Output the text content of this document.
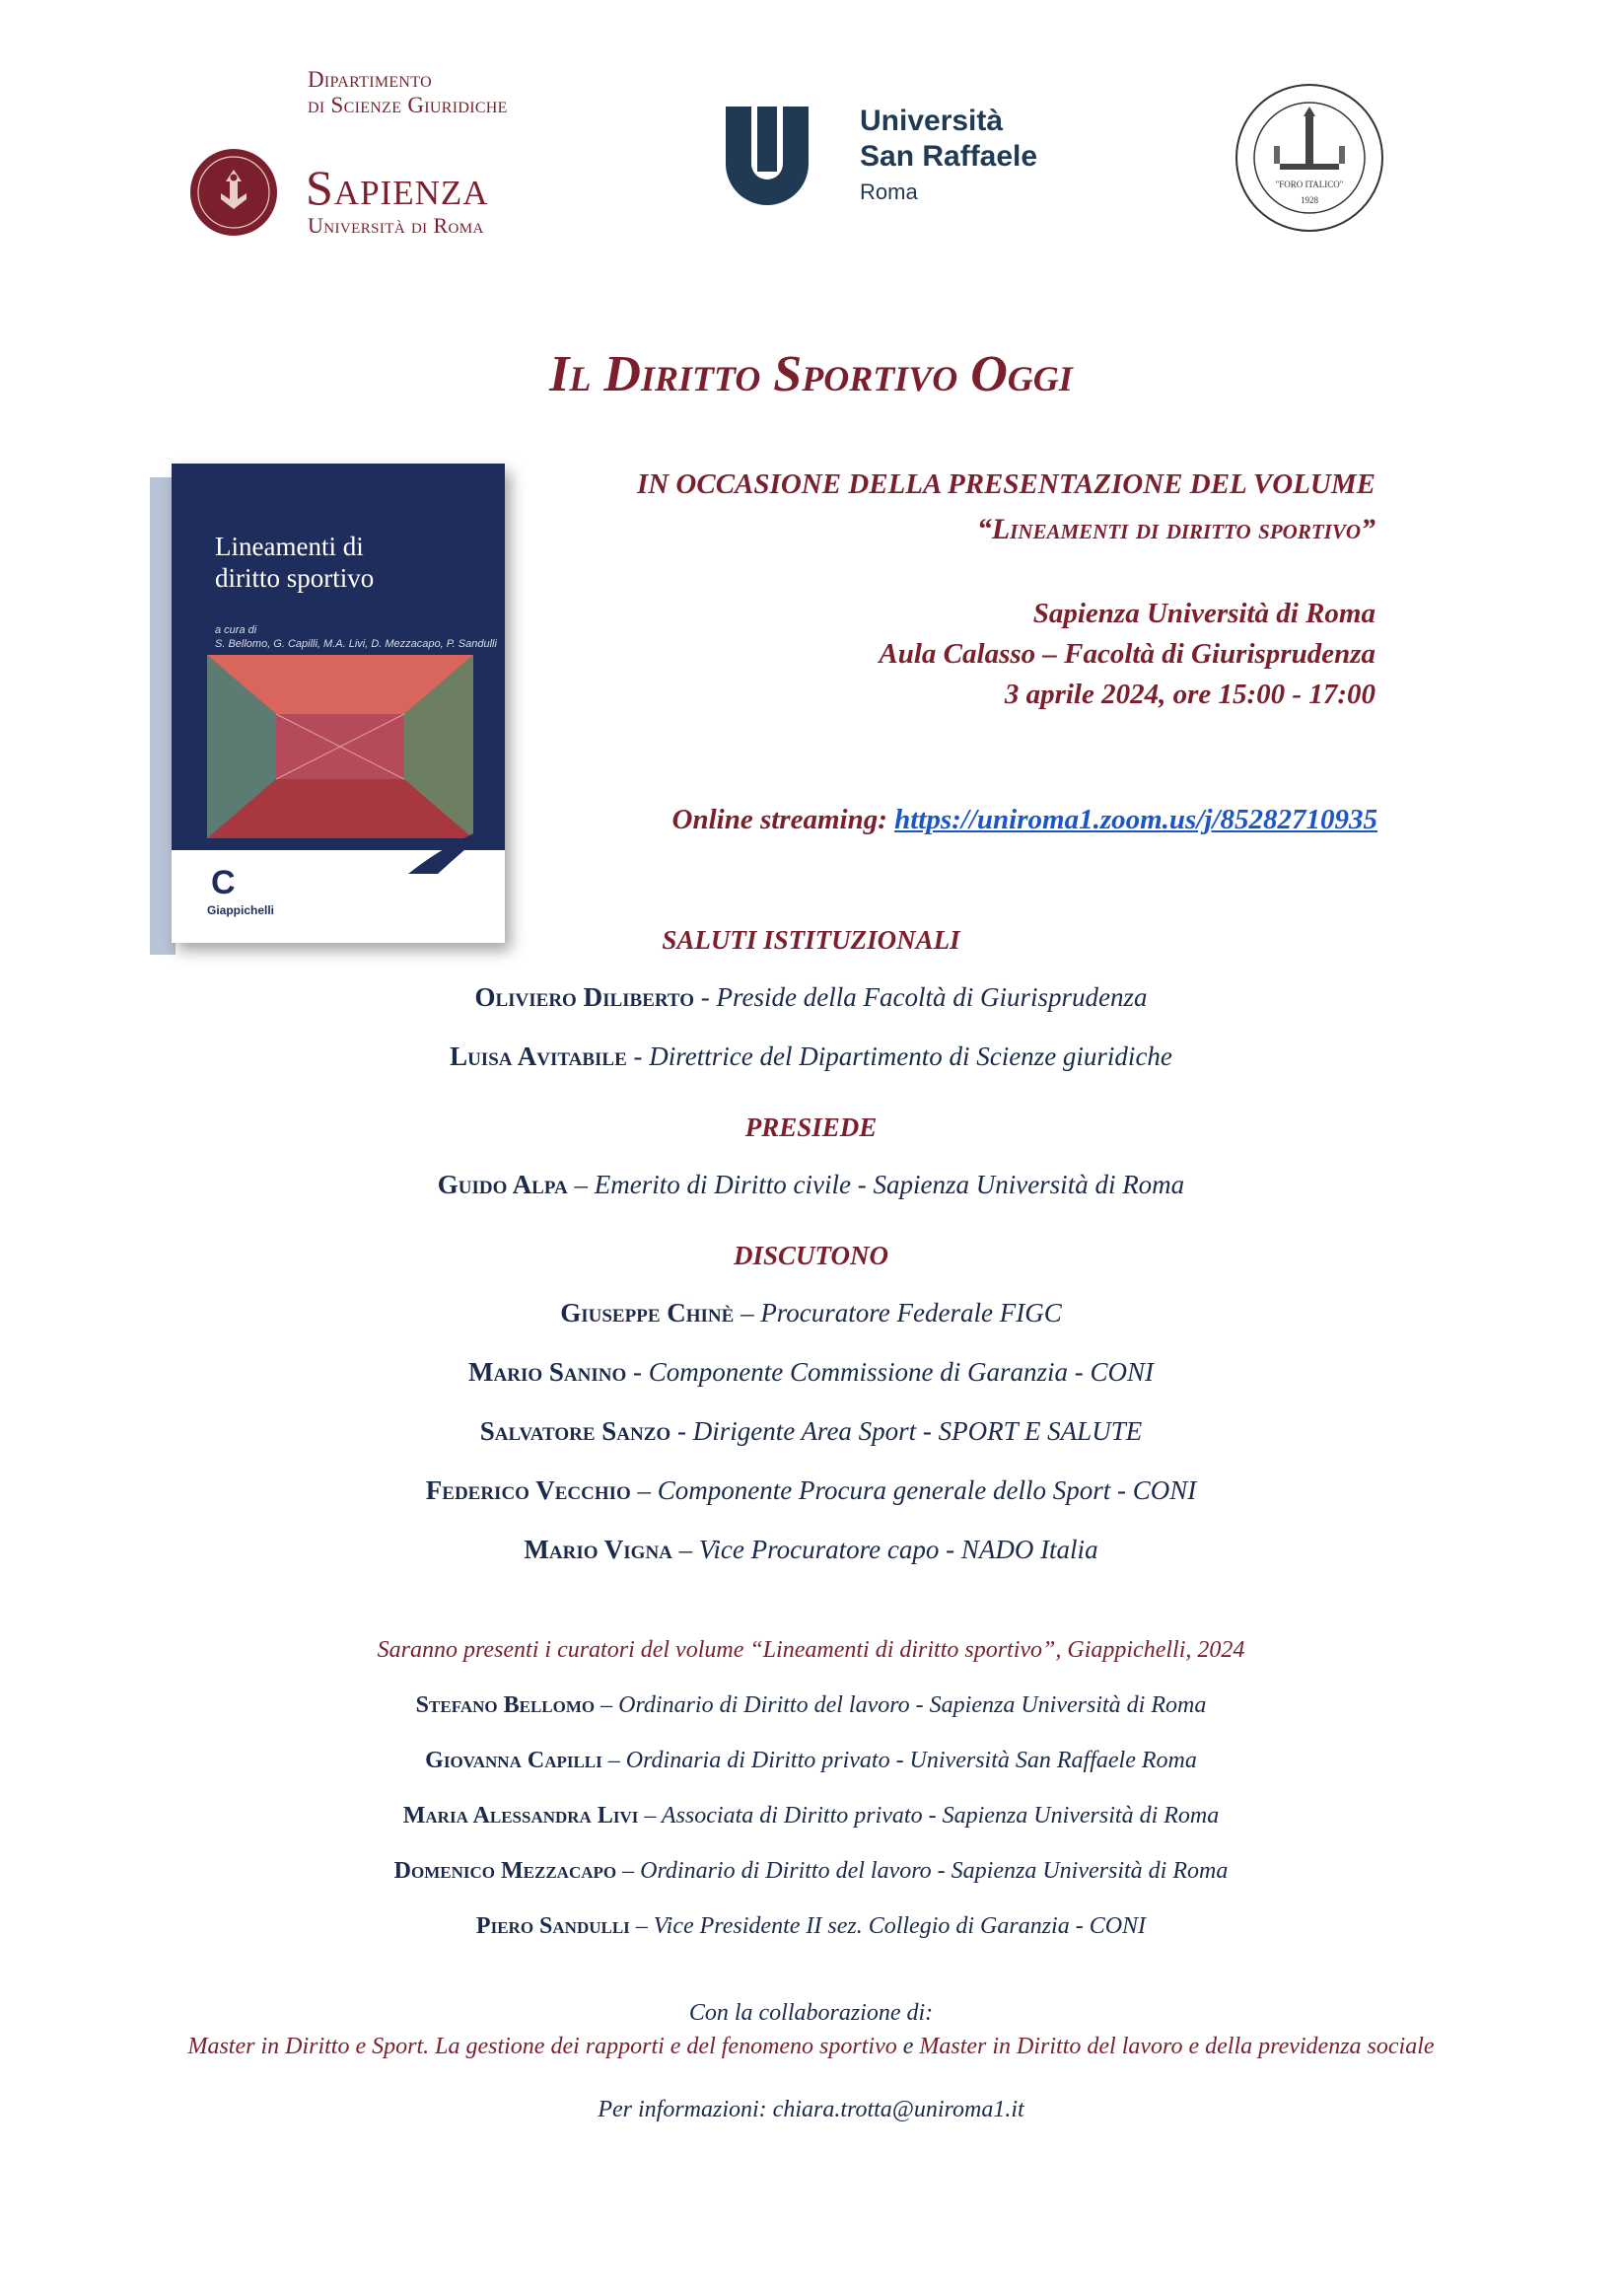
Dipartimento
di Scienze Giuridiche
Sapienza
Università di Roma
Università
San Raffaele
Roma	"FORO ITALICO"
1928
Il Diritto Sportivo Oggi
Lineamenti di
diritto sportivo
a cura di
S. Bellomo, G. Capilli, M.A. Livi, D. Mezzacapo, P. Sandulli
C
Giappichelli
IN OCCASIONE DELLA PRESENTAZIONE DEL VOLUME
“Lineamenti di diritto sportivo”
Sapienza Università di Roma
Aula Calasso – Facoltà di Giurisprudenza
3 aprile 2024, ore 15:00 - 17:00
Online streaming: https://uniroma1.zoom.us/j/85282710935
SALUTI ISTITUZIONALI
Oliviero Diliberto - Preside della Facoltà di Giurisprudenza
Luisa Avitabile - Direttrice del Dipartimento di Scienze giuridiche
PRESIEDE
Guido Alpa – Emerito di Diritto civile - Sapienza Università di Roma
DISCUTONO
Giuseppe Chinè – Procuratore Federale FIGC
Mario Sanino - Componente Commissione di Garanzia - CONI
Salvatore Sanzo - Dirigente Area Sport - SPORT E SALUTE
Federico Vecchio – Componente Procura generale dello Sport - CONI
Mario Vigna – Vice Procuratore capo - NADO Italia
Saranno presenti i curatori del volume “Lineamenti di diritto sportivo”, Giappichelli, 2024
Stefano Bellomo – Ordinario di Diritto del lavoro - Sapienza Università di Roma
Giovanna Capilli – Ordinaria di Diritto privato - Università San Raffaele Roma
Maria Alessandra Livi – Associata di Diritto privato - Sapienza Università di Roma
Domenico Mezzacapo – Ordinario di Diritto del lavoro - Sapienza Università di Roma
Piero Sandulli – Vice Presidente II sez. Collegio di Garanzia - CONI
Con la collaborazione di:
Master in Diritto e Sport. La gestione dei rapporti e del fenomeno sportivo e Master in Diritto del lavoro e della previdenza sociale
Per informazioni: chiara.trotta@uniroma1.it
